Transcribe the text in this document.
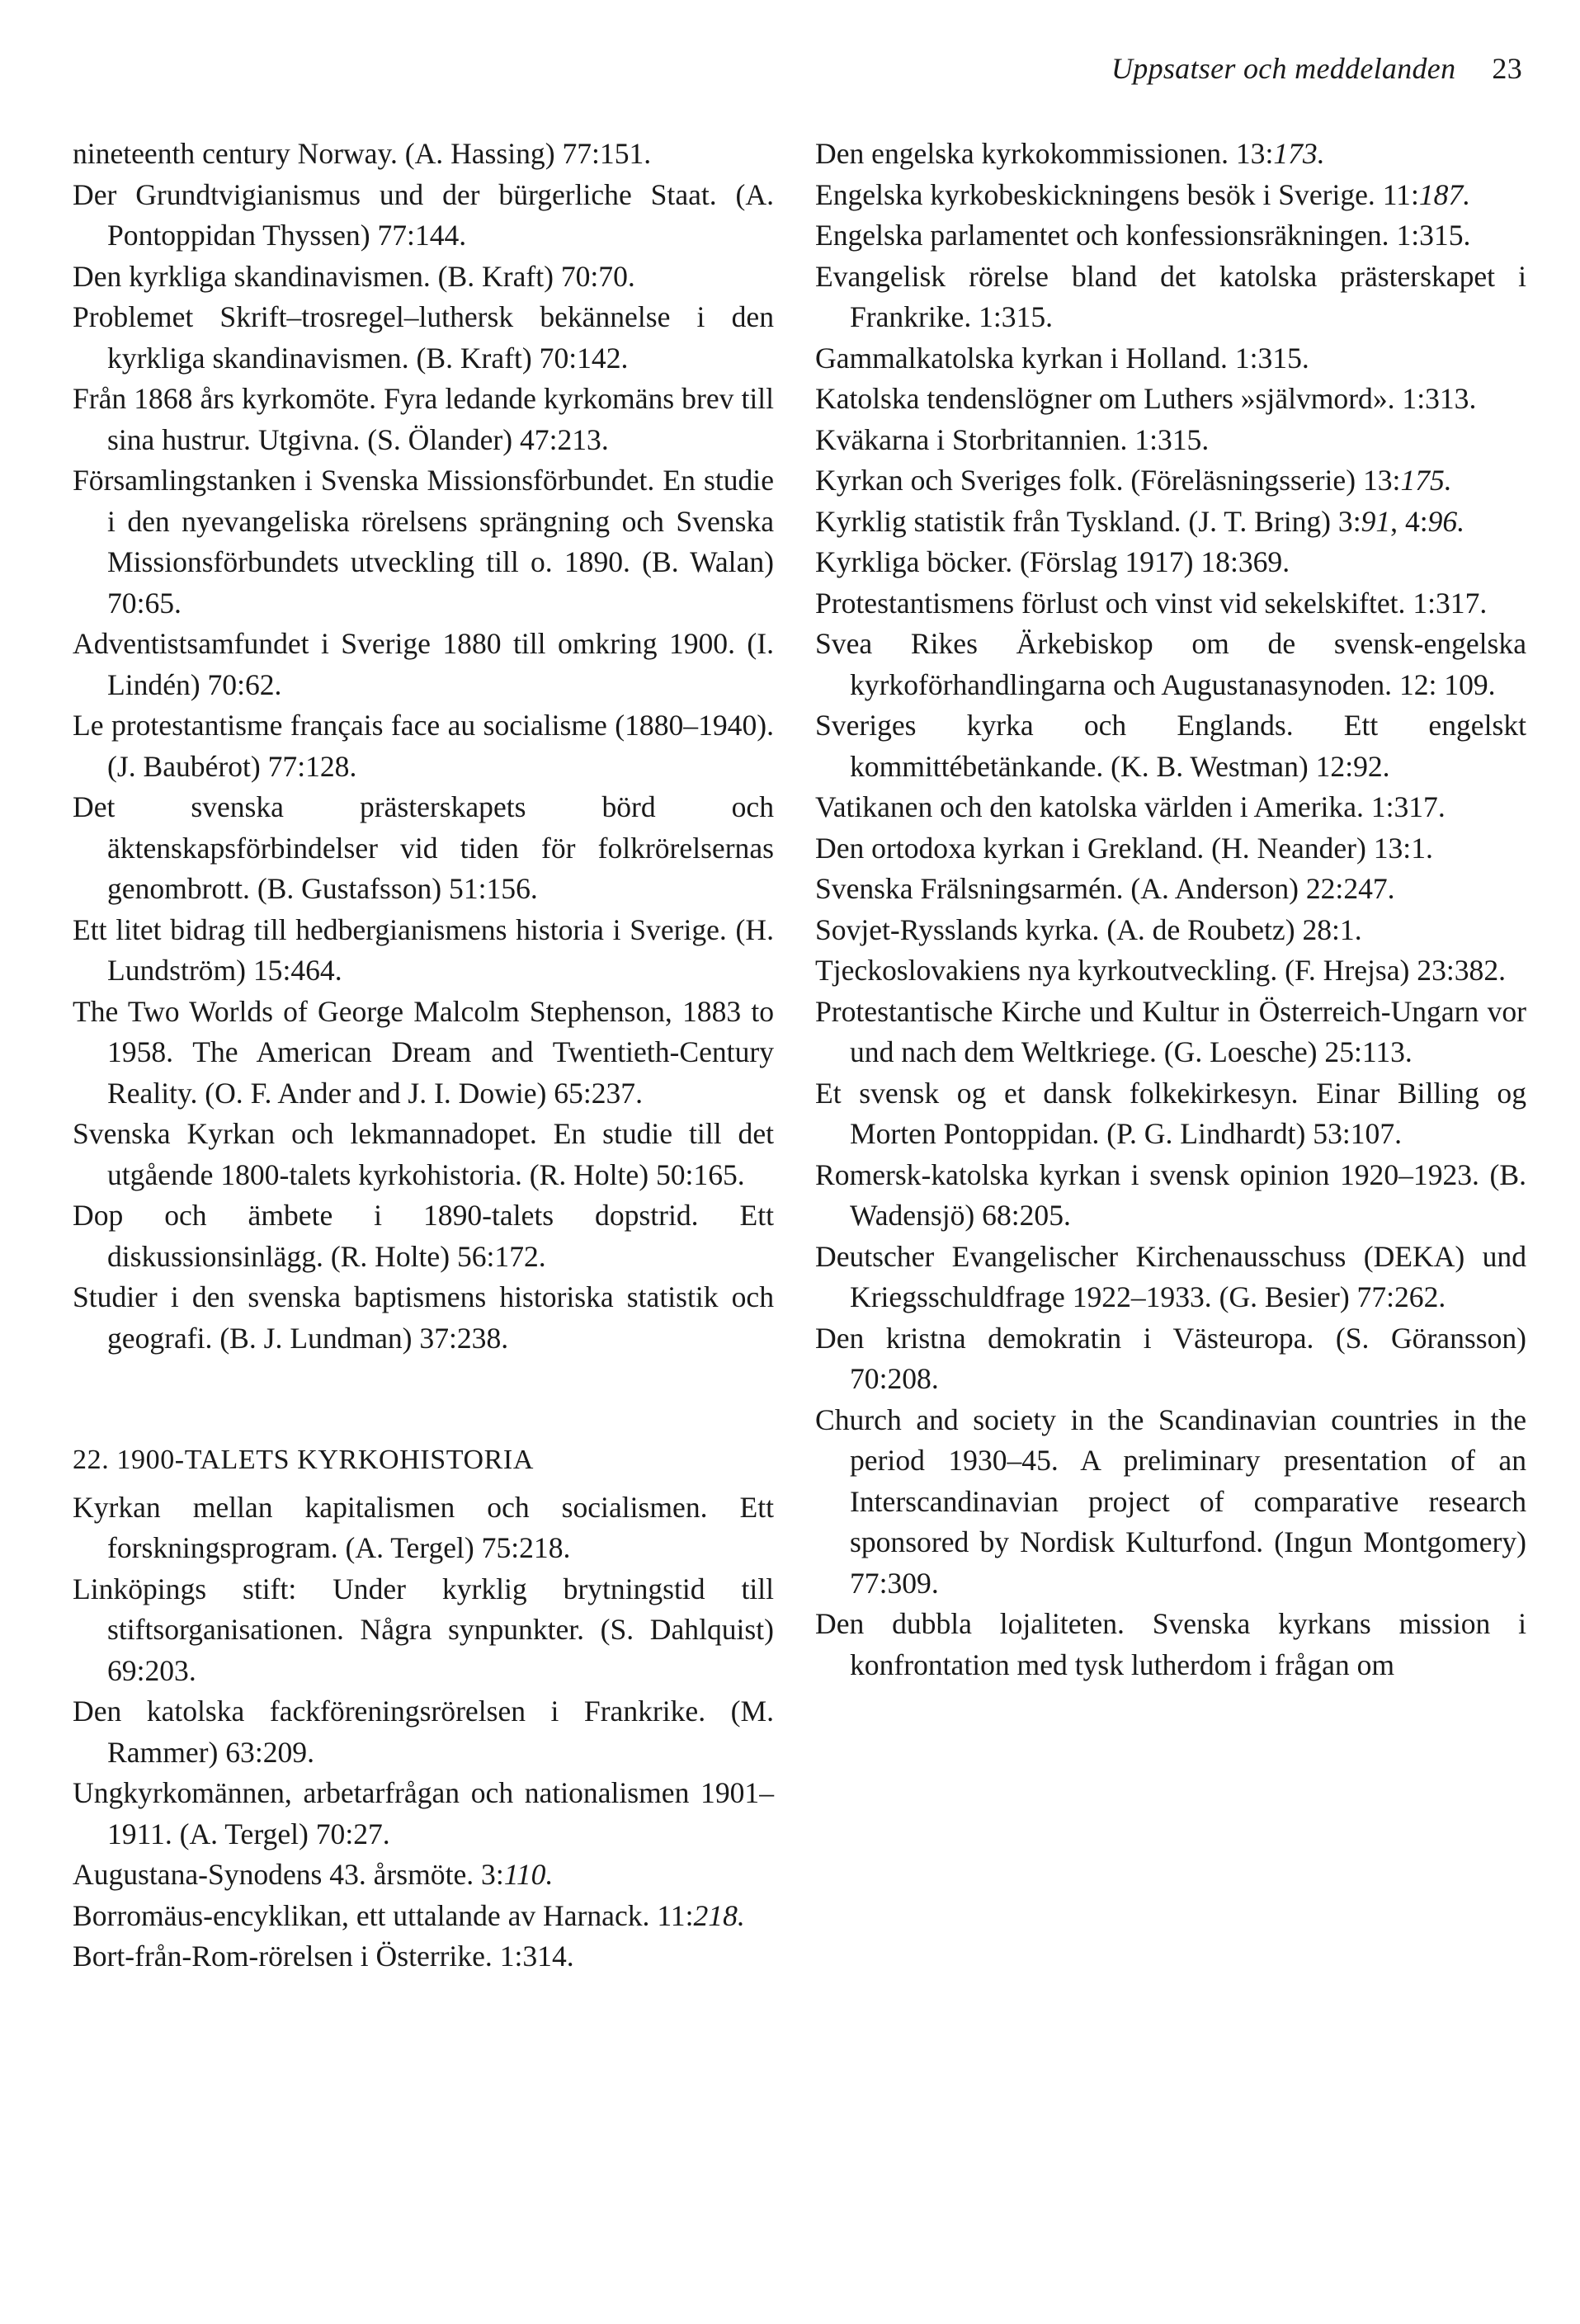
Uppsatser och meddelanden 23
nineteenth century Norway. (A. Hassing) 77:151.
Der Grundtvigianismus und der bürgerliche Staat. (A. Pontoppidan Thyssen) 77:144.
Den kyrkliga skandinavismen. (B. Kraft) 70:70.
Problemet Skrift–trosregel–luthersk bekännelse i den kyrkliga skandinavismen. (B. Kraft) 70:142.
Från 1868 års kyrkomöte. Fyra ledande kyrkomäns brev till sina hustrur. Utgivna. (S. Ölander) 47:213.
Församlingstanken i Svenska Missionsförbundet. En studie i den nyevangeliska rörelsens sprängning och Svenska Missionsförbundets utveckling till o. 1890. (B. Walan) 70:65.
Adventistsamfundet i Sverige 1880 till omkring 1900. (I. Lindén) 70:62.
Le protestantisme français face au socialisme (1880–1940). (J. Baubérot) 77:128.
Det svenska prästerskapets börd och äktenskapsförbindelser vid tiden för folkrörelsernas genombrott. (B. Gustafsson) 51:156.
Ett litet bidrag till hedbergianismens historia i Sverige. (H. Lundström) 15:464.
The Two Worlds of George Malcolm Stephenson, 1883 to 1958. The American Dream and Twentieth-Century Reality. (O. F. Ander and J. I. Dowie) 65:237.
Svenska Kyrkan och lekmannadopet. En studie till det utgående 1800-talets kyrkohistoria. (R. Holte) 50:165.
Dop och ämbete i 1890-talets dopstrid. Ett diskussionsinlägg. (R. Holte) 56:172.
Studier i den svenska baptismens historiska statistik och geografi. (B. J. Lundman) 37:238.
22. 1900-TALETS KYRKOHISTORIA
Kyrkan mellan kapitalismen och socialismen. Ett forskningsprogram. (A. Tergel) 75:218.
Linköpings stift: Under kyrklig brytningstid till stiftsorganisationen. Några synpunkter. (S. Dahlquist) 69:203.
Den katolska fackföreningsrörelsen i Frankrike. (M. Rammer) 63:209.
Ungkyrkomännen, arbetarfrågan och nationalismen 1901–1911. (A. Tergel) 70:27.
Augustana-Synodens 43. årsmöte. 3:110.
Borromäus-encyklikan, ett uttalande av Harnack. 11:218.
Bort-från-Rom-rörelsen i Österrike. 1:314.
Den engelska kyrkokommissionen. 13:173.
Engelska kyrkobeskickningens besök i Sverige. 11:187.
Engelska parlamentet och konfessionsräkningen. 1:315.
Evangelisk rörelse bland det katolska prästerskapet i Frankrike. 1:315.
Gammalkatolska kyrkan i Holland. 1:315.
Katolska tendenslögner om Luthers »självmord». 1:313.
Kväkarna i Storbritannien. 1:315.
Kyrkan och Sveriges folk. (Föreläsningsserie) 13:175.
Kyrklig statistik från Tyskland. (J. T. Bring) 3:91, 4:96.
Kyrkliga böcker. (Förslag 1917) 18:369.
Protestantismens förlust och vinst vid sekelskiftet. 1:317.
Svea Rikes Ärkebiskop om de svensk-engelska kyrkoförhandlingarna och Augustanasynoden. 12: 109.
Sveriges kyrka och Englands. Ett engelskt kommittébetänkande. (K. B. Westman) 12:92.
Vatikanen och den katolska världen i Amerika. 1:317.
Den ortodoxa kyrkan i Grekland. (H. Neander) 13:1.
Svenska Frälsningsarmén. (A. Anderson) 22:247.
Sovjet-Rysslands kyrka. (A. de Roubetz) 28:1.
Tjeckoslovakiens nya kyrkoutveckling. (F. Hrejsa) 23:382.
Protestantische Kirche und Kultur in Österreich-Ungarn vor und nach dem Weltkriege. (G. Loesche) 25:113.
Et svensk og et dansk folkekirkesyn. Einar Billing og Morten Pontoppidan. (P. G. Lindhardt) 53:107.
Romersk-katolska kyrkan i svensk opinion 1920–1923. (B. Wadensjö) 68:205.
Deutscher Evangelischer Kirchenausschuss (DEKA) und Kriegsschuldfrage 1922–1933. (G. Besier) 77:262.
Den kristna demokratin i Västeuropa. (S. Göransson) 70:208.
Church and society in the Scandinavian countries in the period 1930–45. A preliminary presentation of an Interscandinavian project of comparative research sponsored by Nordisk Kulturfond. (Ingun Montgomery) 77:309.
Den dubbla lojaliteten. Svenska kyrkans mission i konfrontation med tysk lutherdom i frågan om
